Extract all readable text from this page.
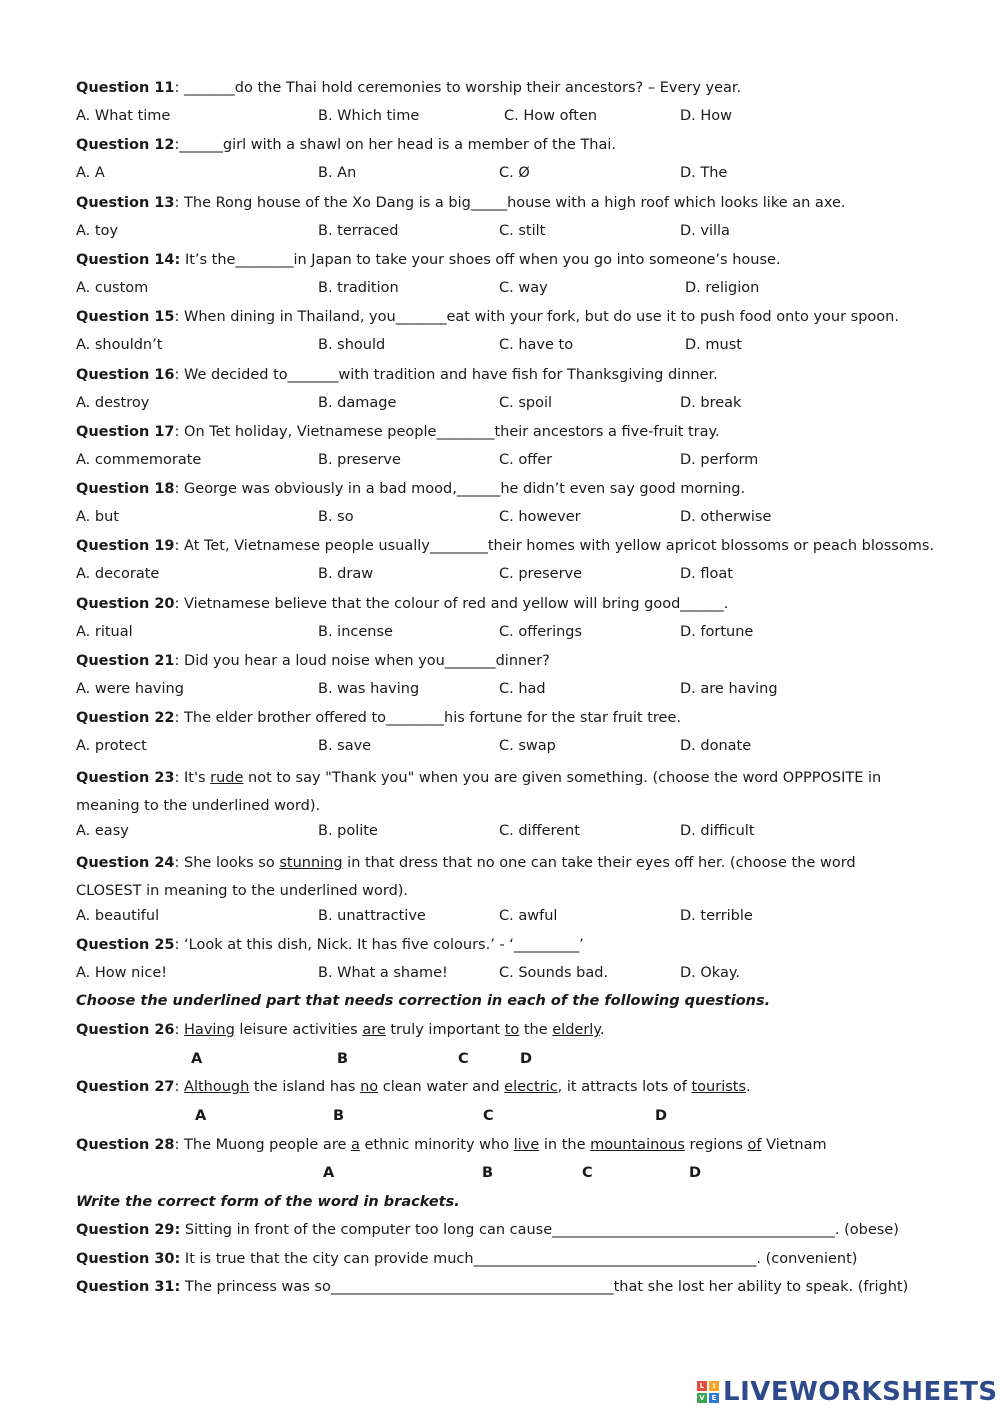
Question 11: _______do the Thai hold ceremonies to worship their ancestors? – Every year.
A. What time	B. Which time	C. How often	D. How
Question 12:______girl with a shawl on her head is a member of the Thai.
A. A	B. An	C. Ø	D. The
Question 13: The Rong house of the Xo Dang is a big_____house with a high roof which looks like an axe.
A. toy	B. terraced	C. stilt	D. villa
Question 14: It’s the________in Japan to take your shoes off when you go into someone’s house.
A. custom	B. tradition	C. way	D. religion
Question 15: When dining in Thailand, you_______eat with your fork, but do use it to push food onto your spoon.
A. shouldn’t	B. should	C. have to	D. must
Question 16: We decided to_______with tradition and have fish for Thanksgiving dinner.
A. destroy	B. damage	C. spoil	D. break
Question 17: On Tet holiday, Vietnamese people________their ancestors a five-fruit tray.
A. commemorate	B. preserve	C. offer	D. perform
Question 18: George was obviously in a bad mood,______he didn’t even say good morning.
A. but	B. so	C. however	D. otherwise
Question 19: At Tet, Vietnamese people usually________their homes with yellow apricot blossoms or peach blossoms.
A. decorate	B. draw	C. preserve	D. float
Question 20: Vietnamese believe that the colour of red and yellow will bring good______.
A. ritual	B. incense	C. offerings	D. fortune
Question 21: Did you hear a loud noise when you_______dinner?
A. were having	B. was having	C. had	D. are having
Question 22: The elder brother offered to________his fortune for the star fruit tree.
A. protect	B. save	C. swap	D. donate
Question 23: It's rude not to say "Thank you" when you are given something. (choose the word OPPPOSITE in meaning to the underlined word).
A. easy	B. polite	C. different	D. difficult
Question 24: She looks so stunning in that dress that no one can take their eyes off her. (choose the word CLOSEST in meaning to the underlined word).
A. beautiful	B. unattractive	C. awful	D. terrible
Question 25: ‘Look at this dish, Nick. It has five colours.’ - ‘_________’
A. How nice!	B. What a shame!	C. Sounds bad.	D. Okay.
Choose the underlined part that needs correction in each of the following questions.
Question 26: Having leisure activities are truly important to the elderly.
A	B	C	D
Question 27: Although the island has no clean water and electric, it attracts lots of tourists.
A	B	C	D
Question 28: The Muong people are a ethnic minority who live in the mountainous regions of Vietnam
A	B	C	D
Write the correct form of the word in brackets.
Question 29: Sitting in front of the computer too long can cause_______________________________________. (obese)
Question 30: It is true that the city can provide much_______________________________________. (convenient)
Question 31: The princess was so_______________________________________that she lost her ability to speak. (fright)
L	I
V E LIVEWORKSHEETS
